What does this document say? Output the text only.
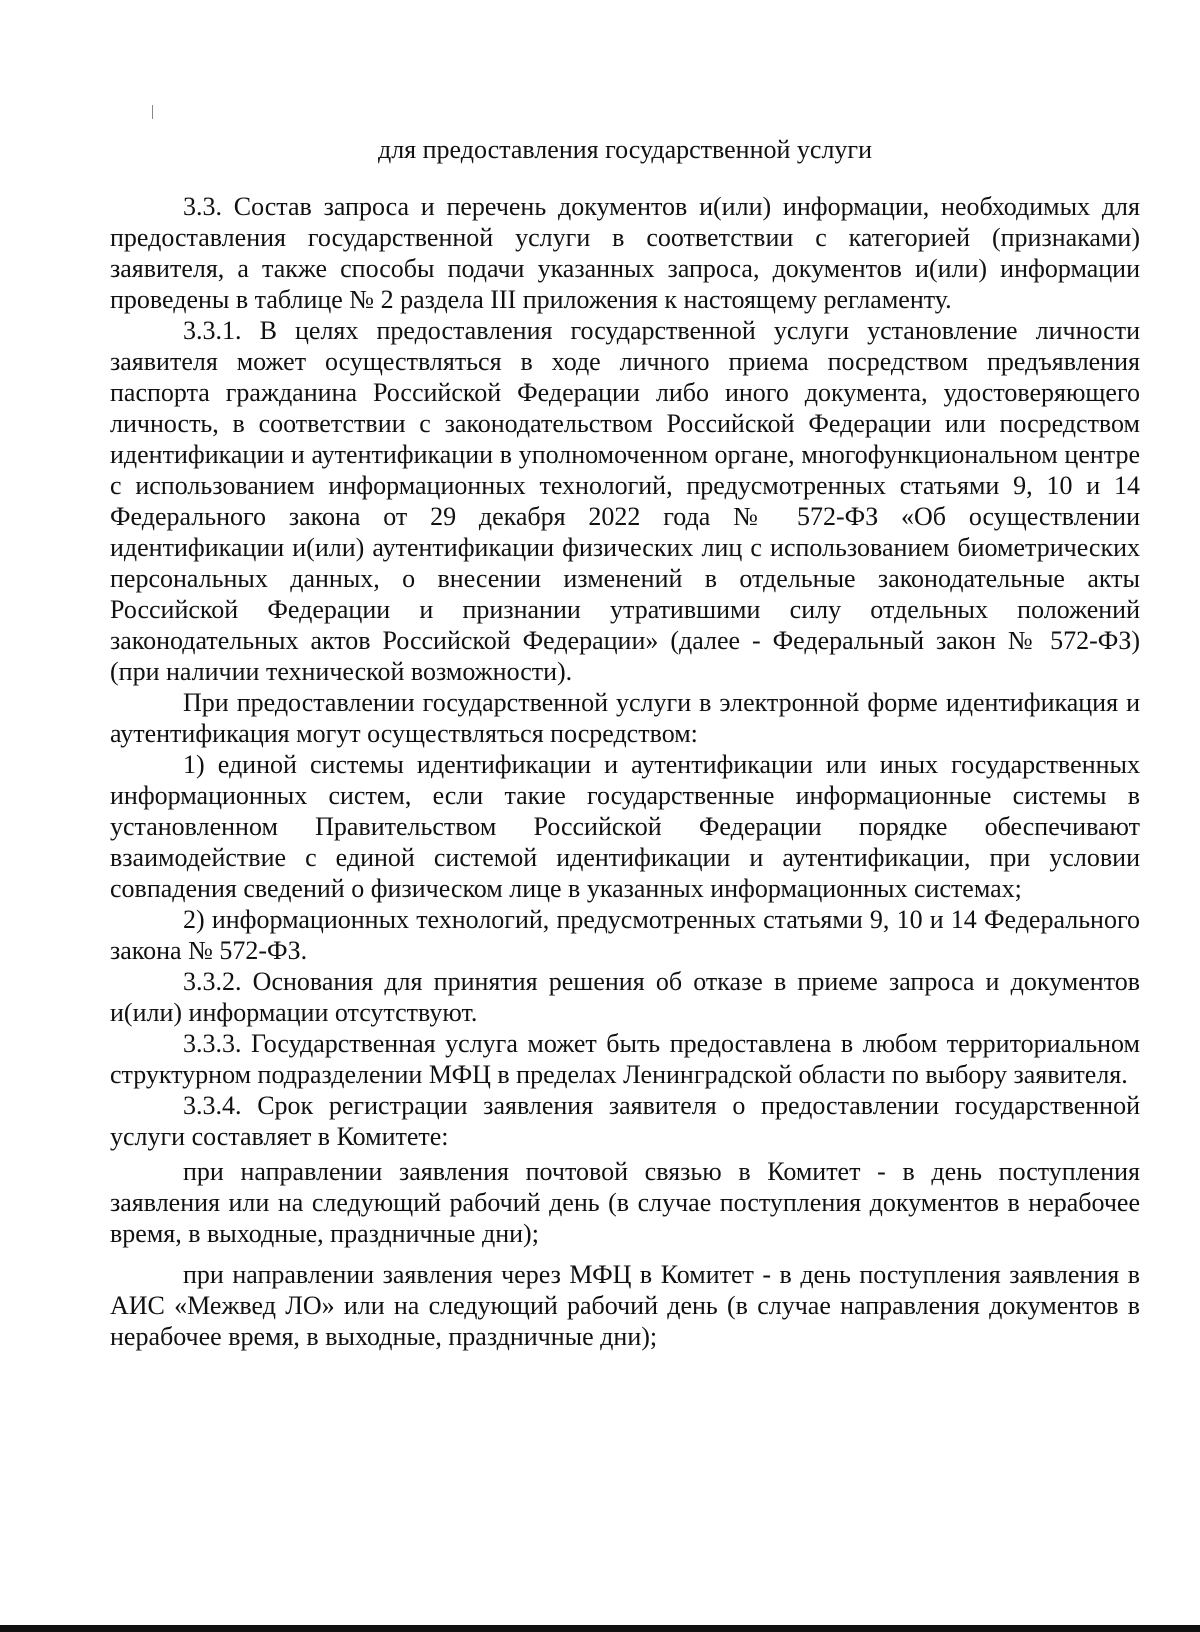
для предоставления государственной услуги

3.3. Состав запроса и перечень документов и(или) информации, необходимых для предоставления государственной услуги в соответствии с категорией (признаками) заявителя, а также способы подачи указанных запроса, документов и(или) информации проведены в таблице № 2 раздела III приложения к настоящему регламенту.

3.3.1. В целях предоставления государственной услуги установление личности заявителя может осуществляться в ходе личного приема посредством предъявления паспорта гражданина Российской Федерации либо иного документа, удостоверяющего личность, в соответствии с законодательством Российской Федерации или посредством идентификации и аутентификации в уполномоченном органе, многофункциональном центре с использованием информационных технологий, предусмотренных статьями 9, 10 и 14 Федерального закона от 29 декабря 2022 года № 572-ФЗ «Об осуществлении идентификации и(или) аутентификации физических лиц с использованием биометрических персональных данных, о внесении изменений в отдельные законодательные акты Российской Федерации и признании утратившими силу отдельных положений законодательных актов Российской Федерации» (далее - Федеральный закон № 572-ФЗ) (при наличии технической возможности).

При предоставлении государственной услуги в электронной форме идентификация и аутентификация могут осуществляться посредством:

1) единой системы идентификации и аутентификации или иных государственных информационных систем, если такие государственные информационные системы в установленном Правительством Российской Федерации порядке обеспечивают взаимодействие с единой системой идентификации и аутентификации, при условии совпадения сведений о физическом лице в указанных информационных системах;

2) информационных технологий, предусмотренных статьями 9, 10 и 14 Федерального закона № 572-ФЗ.

3.3.2. Основания для принятия решения об отказе в приеме запроса и документов и(или) информации отсутствуют.

3.3.3. Государственная услуга может быть предоставлена в любом территориальном структурном подразделении МФЦ в пределах Ленинградской области по выбору заявителя.

3.3.4. Срок регистрации заявления заявителя о предоставлении государственной услуги составляет в Комитете:

при направлении заявления почтовой связью в Комитет - в день поступления заявления или на следующий рабочий день (в случае поступления документов в нерабочее время, в выходные, праздничные дни);

при направлении заявления через МФЦ в Комитет - в день поступления заявления в АИС «Межвед ЛО» или на следующий рабочий день (в случае направления документов в нерабочее время, в выходные, праздничные дни);
